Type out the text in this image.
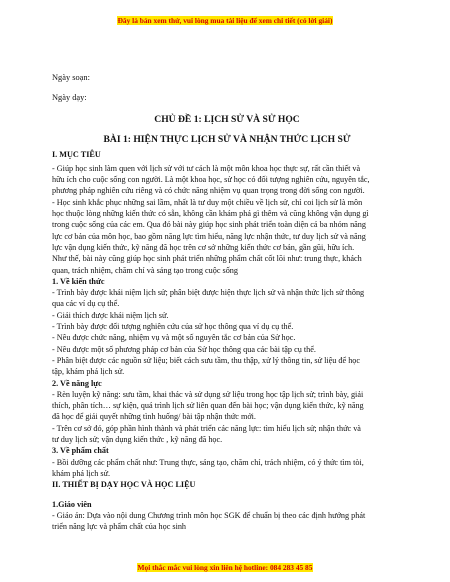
Đây là bản xem thử, vui lòng mua tài liệu để xem chi tiết (có lời giải)
Ngày soạn:
Ngày dạy:
CHỦ ĐỀ 1: LỊCH SỬ VÀ SỬ HỌC
BÀI 1: HIỆN THỰC LỊCH SỬ VÀ NHẬN THỨC LỊCH SỬ
I. MỤC TIÊU
- Giúp học sinh làm quen với lịch sử với tư cách là một môn khoa học thực sự, rất cần thiết và
hữu ích cho cuộc sống con người. Là một khoa học, sử học có đối tượng nghiên cứu, nguyên tắc,
phương pháp nghiên cứu riêng và có chức năng nhiệm vụ quan trọng trong đời sống con người.
- Học sinh khắc phục những sai lầm, nhất là tư duy một chiều về lịch sử, chỉ coi lịch sử là môn
học thuộc lòng những kiến thức có sẵn, không cần khám phá gì thêm và cũng không vận dụng gì
trong cuộc sống của các em. Qua đó bài này giúp học sinh phát triển toàn diện cả ba nhóm năng
lực cơ bản của môn học, bao gồm năng lực tìm hiểu, năng lực nhận thức, tư duy lịch sử và năng
lực vận dụng kiến thức, kỹ năng đã học trên cơ sở những kiến thức cơ bản, gần gũi, hữu ích.
Như thế, bài này cũng giúp học sinh phát triển những phẩm chất cốt lõi như: trung thực, khách
quan, trách nhiệm, chăm chỉ và sáng tạo trong cuộc sống
1. Về kiến thức
- Trình bày được khái niệm lịch sử; phân biệt được hiện thực lịch sử và nhận thức lịch sử thông
qua các ví dụ cụ thể.
- Giải thích được khái niệm lịch sử.
- Trình bày được đối tượng nghiên cứu của sử học thông qua ví dụ cụ thể.
- Nêu được chức năng, nhiệm vụ và một số nguyên tắc cơ bản của Sử học.
- Nêu được một số phương pháp cơ bản của Sử học thông qua các bài tập cụ thể.
- Phân biệt được các nguồn sử liệu; biết cách sưu tầm, thu thập, xử lý thông tin, sử liệu để học
tập, khám phá lịch sử.
2. Về năng lực
- Rèn luyện kỹ năng: sưu tầm, khai thác và sử dụng sử liệu trong học tập lịch sử; trình bày, giải
thích, phân tích… sự kiện, quá trình lịch sử liên quan đến bài học; vận dụng kiến thức, kỹ năng
đã học để giải quyết những tình huống/ bài tập nhận thức mới.
- Trên cơ sở đó, góp phần hình thành và phát triển các năng lực: tìm hiểu lịch sử; nhận thức và
tư duy lịch sử; vận dụng kiến thức , kỹ năng đã học.
3. Về phẩm chất
- Bồi dưỡng các phẩm chất như: Trung thực, sáng tạo, chăm chỉ, trách nhiệm, có ý thức tìm tòi,
khám phá lịch sử.
II. THIẾT BỊ DẠY HỌC VÀ HỌC LIỆU
1.Giáo viên
- Giáo án: Dựa vào nội dung Chương trình môn học SGK để chuẩn bị theo các định hướng phát
triển năng lực và phẩm chất của học sinh
Mọi thắc mắc vui lòng xin liên hệ hotline: 084 283 45 85
